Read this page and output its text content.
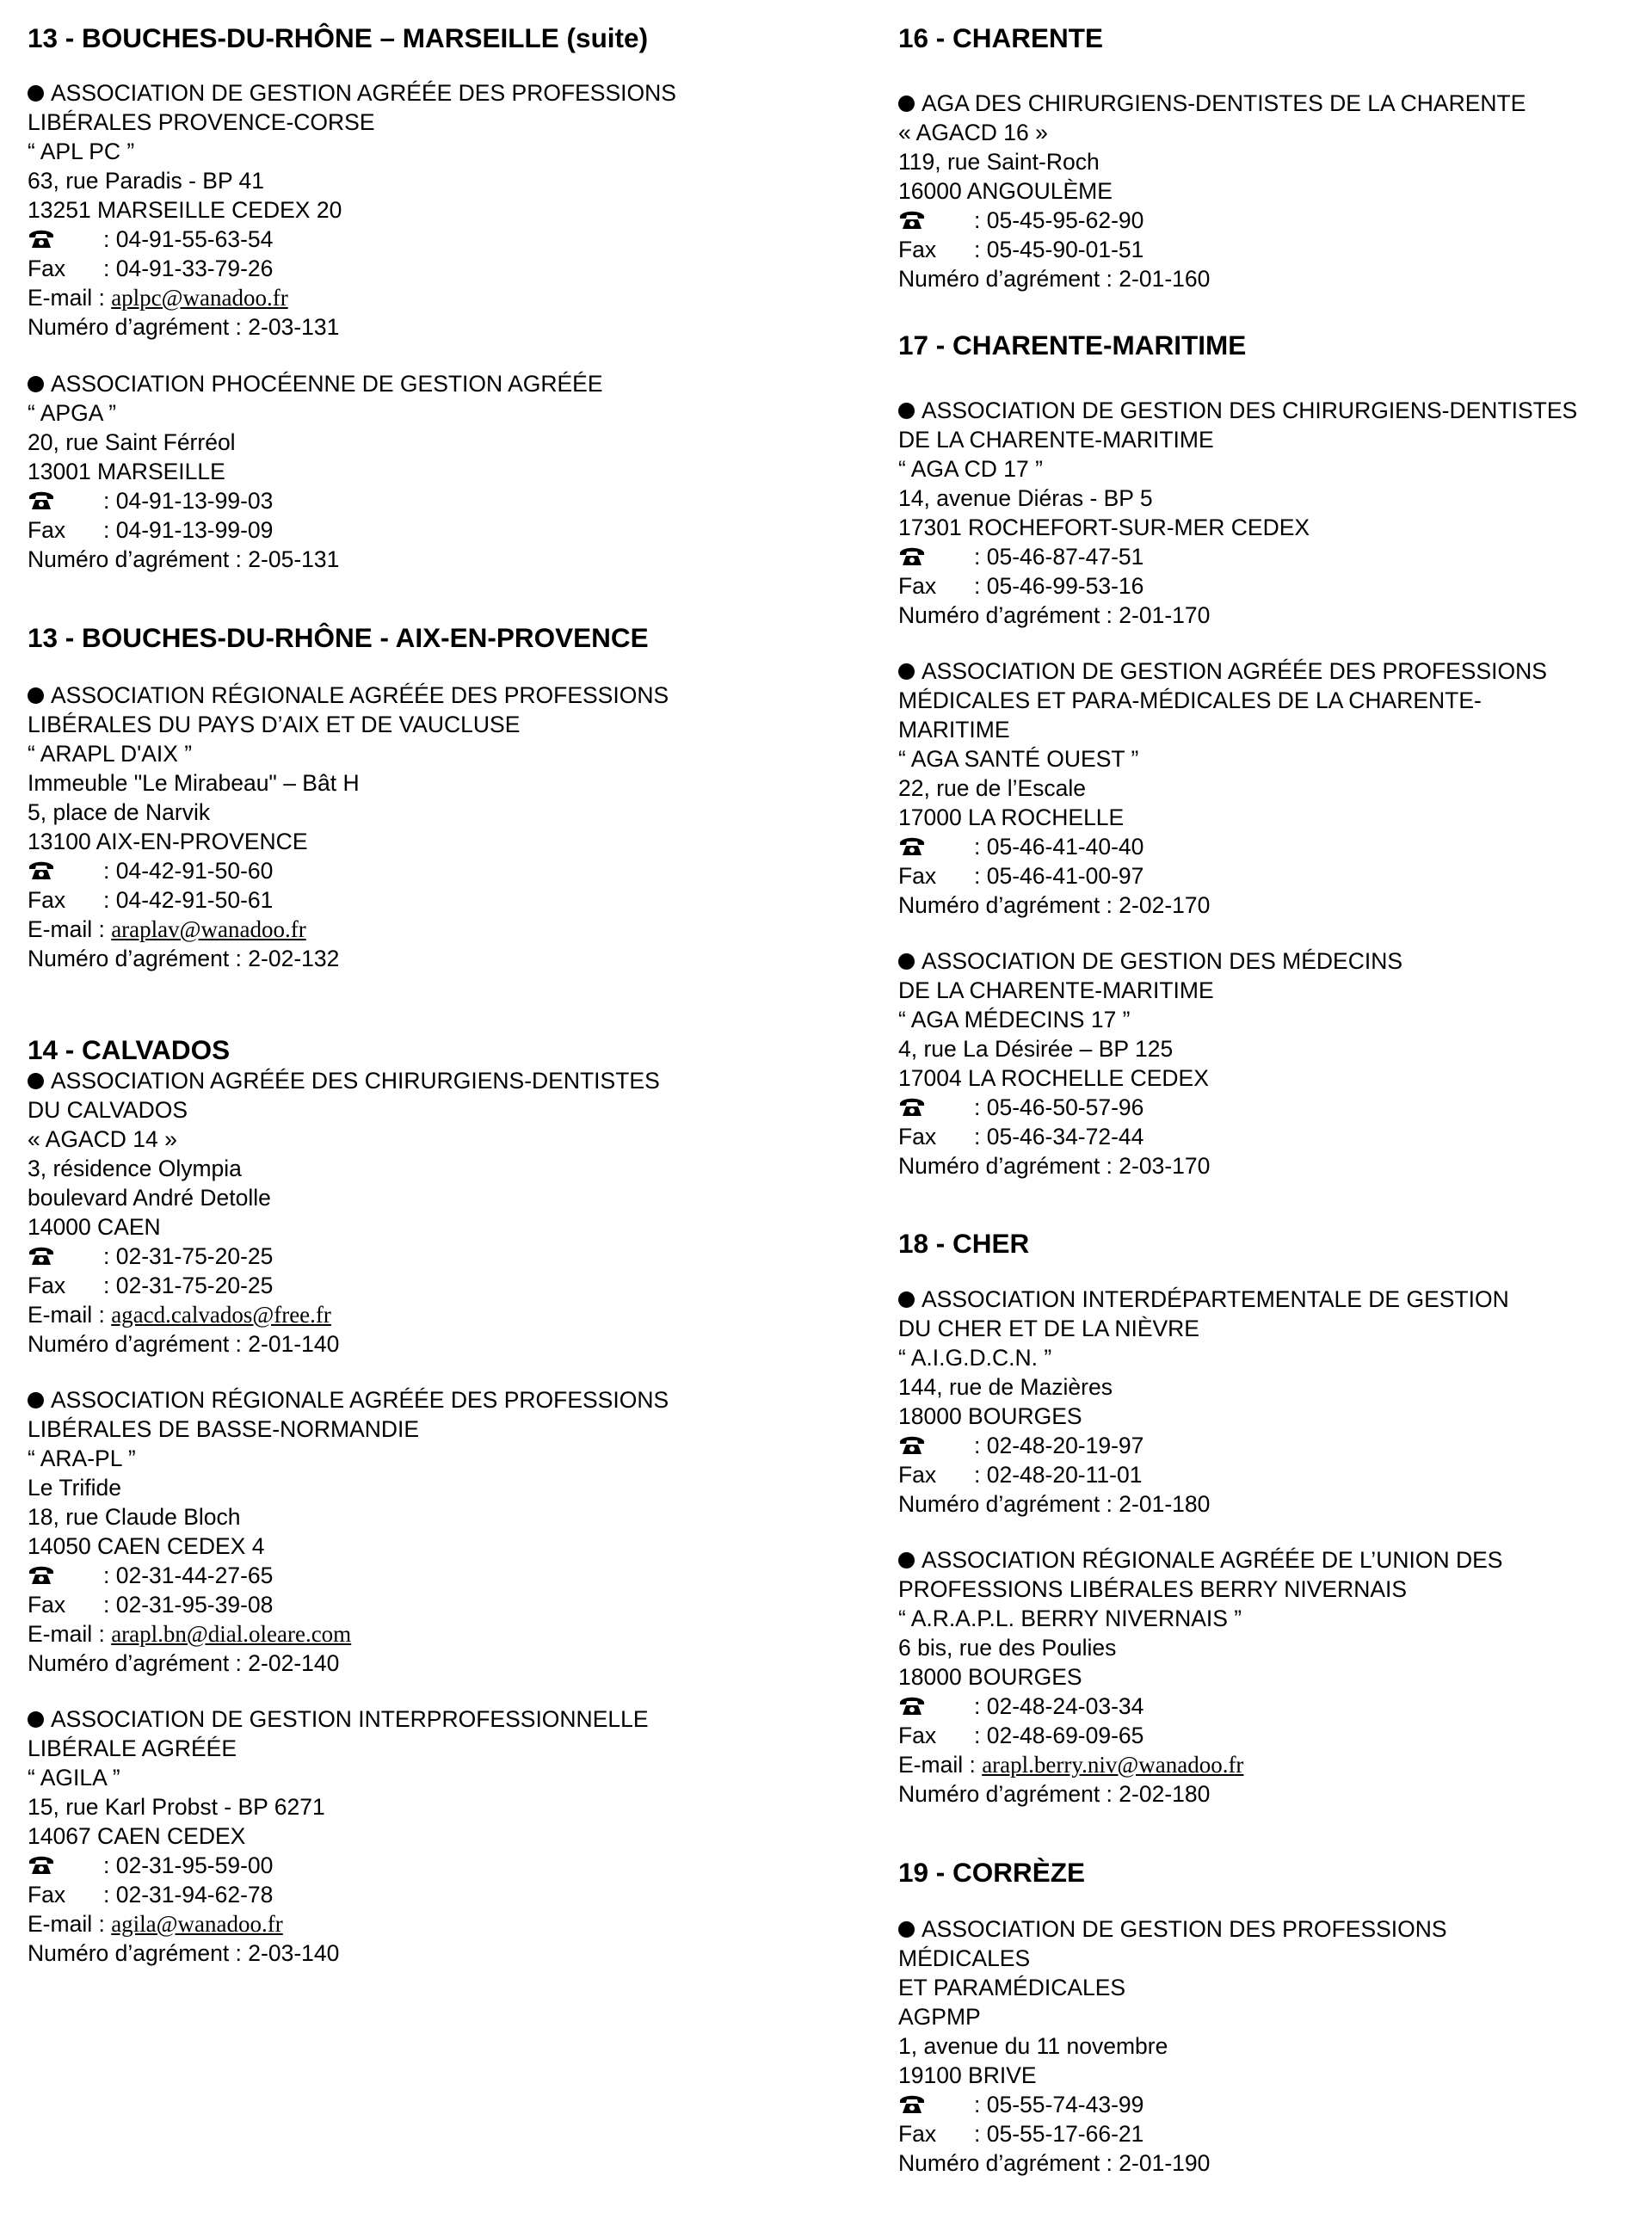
13 - BOUCHES-DU-RHÔNE – MARSEILLE (suite)
ASSOCIATION DE GESTION AGRÉÉE DES PROFESSIONS
LIBÉRALES PROVENCE-CORSE
“ APL PC ”
63, rue Paradis - BP 41
13251 MARSEILLE CEDEX 20
: 04-91-55-63-54
Fax	: 04-91-33-79-26
E-mail : aplpc@wanadoo.fr
Numéro d’agrément : 2-03-131
ASSOCIATION PHOCÉENNE DE GESTION AGRÉÉE
“ APGA ”
20, rue Saint Férréol
13001 MARSEILLE
: 04-91-13-99-03
Fax	: 04-91-13-99-09
Numéro d’agrément : 2-05-131
13 - BOUCHES-DU-RHÔNE - AIX-EN-PROVENCE
ASSOCIATION RÉGIONALE AGRÉÉE DES PROFESSIONS
LIBÉRALES DU PAYS D’AIX ET DE VAUCLUSE
“ ARAPL D'AIX ”
Immeuble "Le Mirabeau" – Bât H
5, place de Narvik
13100 AIX-EN-PROVENCE
: 04-42-91-50-60
Fax	: 04-42-91-50-61
E-mail : araplav@wanadoo.fr
Numéro d’agrément : 2-02-132
14 - CALVADOS
ASSOCIATION AGRÉÉE DES CHIRURGIENS-DENTISTES
DU CALVADOS
« AGACD 14 »
3, résidence Olympia
boulevard André Detolle
14000 CAEN
: 02-31-75-20-25
Fax	: 02-31-75-20-25
E-mail : agacd.calvados@free.fr
Numéro d’agrément : 2-01-140
ASSOCIATION RÉGIONALE AGRÉÉE DES PROFESSIONS
LIBÉRALES DE BASSE-NORMANDIE
“ ARA-PL ”
Le Trifide
18, rue Claude Bloch
14050 CAEN CEDEX 4
: 02-31-44-27-65
Fax	: 02-31-95-39-08
E-mail : arapl.bn@dial.oleare.com
Numéro d’agrément : 2-02-140
ASSOCIATION DE GESTION INTERPROFESSIONNELLE
LIBÉRALE AGRÉÉE
“ AGILA ”
15, rue Karl Probst - BP 6271
14067 CAEN CEDEX
: 02-31-95-59-00
Fax	: 02-31-94-62-78
E-mail : agila@wanadoo.fr
Numéro d’agrément : 2-03-140
16 - CHARENTE
AGA DES CHIRURGIENS-DENTISTES DE LA CHARENTE
« AGACD 16 »
119, rue Saint-Roch
16000 ANGOULÈME
: 05-45-95-62-90
Fax	: 05-45-90-01-51
Numéro d’agrément : 2-01-160
17 - CHARENTE-MARITIME
ASSOCIATION DE GESTION DES CHIRURGIENS-DENTISTES
DE LA CHARENTE-MARITIME
“ AGA CD 17 ”
14, avenue Diéras - BP 5
17301 ROCHEFORT-SUR-MER CEDEX
: 05-46-87-47-51
Fax	: 05-46-99-53-16
Numéro d’agrément : 2-01-170
ASSOCIATION DE GESTION AGRÉÉE DES PROFESSIONS
MÉDICALES ET PARA-MÉDICALES DE LA CHARENTE-
MARITIME
“ AGA SANTÉ OUEST ”
22, rue de l’Escale
17000 LA ROCHELLE
: 05-46-41-40-40
Fax	: 05-46-41-00-97
Numéro d’agrément : 2-02-170
ASSOCIATION DE GESTION DES MÉDECINS
DE LA CHARENTE-MARITIME
“ AGA MÉDECINS 17 ”
4, rue La Désirée – BP 125
17004 LA ROCHELLE CEDEX
: 05-46-50-57-96
Fax	: 05-46-34-72-44
Numéro d’agrément : 2-03-170
18 - CHER
ASSOCIATION INTERDÉPARTEMENTALE DE GESTION
DU CHER ET DE LA NIÈVRE
“ A.I.G.D.C.N. ”
144, rue de Mazières
18000 BOURGES
: 02-48-20-19-97
Fax	: 02-48-20-11-01
Numéro d’agrément : 2-01-180
ASSOCIATION RÉGIONALE AGRÉÉE DE L’UNION DES
PROFESSIONS LIBÉRALES BERRY NIVERNAIS
“ A.R.A.P.L. BERRY NIVERNAIS ”
6 bis, rue des Poulies
18000 BOURGES
: 02-48-24-03-34
Fax	: 02-48-69-09-65
E-mail : arapl.berry.niv@wanadoo.fr
Numéro d’agrément : 2-02-180
19 - CORRÈZE
ASSOCIATION DE GESTION DES PROFESSIONS
MÉDICALES
ET PARAMÉDICALES
AGPMP
1, avenue du 11 novembre
19100 BRIVE
: 05-55-74-43-99
Fax	: 05-55-17-66-21
Numéro d’agrément : 2-01-190
